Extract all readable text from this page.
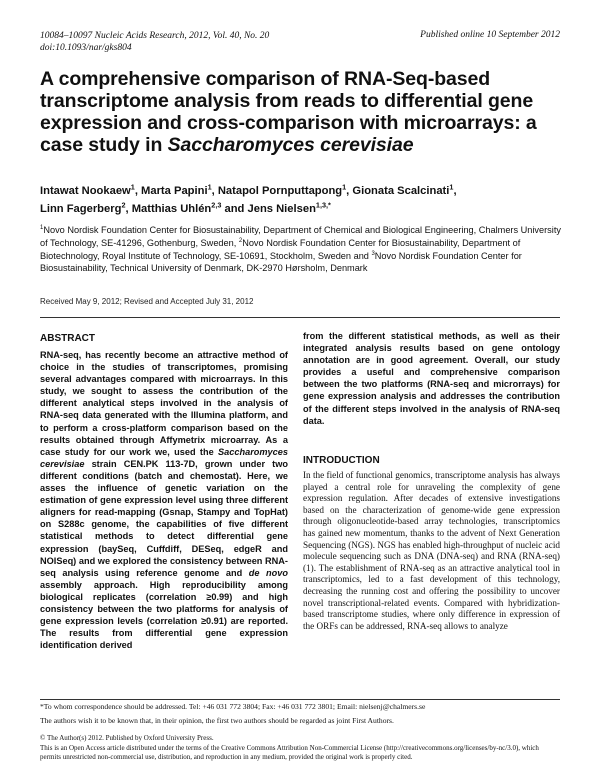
10084–10097 Nucleic Acids Research, 2012, Vol. 40, No. 20
doi:10.1093/nar/gks804
Published online 10 September 2012
A comprehensive comparison of RNA-Seq-based transcriptome analysis from reads to differential gene expression and cross-comparison with microarrays: a case study in Saccharomyces cerevisiae
Intawat Nookaew$^1$, Marta Papini$^1$, Natapol Pornputtapong$^1$, Gionata Scalcinati$^1$,
Linn Fagerberg$^2$, Matthias Uhlén$^{2,3}$ and Jens Nielsen$^{1,3,*}$
$^1$Novo Nordisk Foundation Center for Biosustainability, Department of Chemical and Biological Engineering, Chalmers University of Technology, SE-41296, Gothenburg, Sweden, $^2$Novo Nordisk Foundation Center for Biosustainability, Department of Biotechnology, Royal Institute of Technology, SE-10691, Stockholm, Sweden and $^3$Novo Nordisk Foundation Center for Biosustainability, Technical University of Denmark, DK-2970 Hørsholm, Denmark
Received May 9, 2012; Revised and Accepted July 31, 2012
ABSTRACT
RNA-seq, has recently become an attractive method of choice in the studies of transcriptomes, promising several advantages compared with microarrays. In this study, we sought to assess the contribution of the different analytical steps involved in the analysis of RNA-seq data generated with the Illumina platform, and to perform a cross-platform comparison based on the results obtained through Affymetrix microarray. As a case study for our work we, used the Saccharomyces cerevisiae strain CEN.PK 113-7D, grown under two different conditions (batch and chemostat). Here, we asses the influence of genetic variation on the estimation of gene expression level using three different aligners for read-mapping (Gsnap, Stampy and TopHat) on S288c genome, the capabilities of five different statistical methods to detect differential gene expression (baySeq, Cuffdiff, DESeq, edgeR and NOISeq) and we explored the consistency between RNA-seq analysis using reference genome and de novo assembly approach. High reproducibility among biological replicates (correlation ≥0.99) and high consistency between the two platforms for analysis of gene expression levels (correlation ≥0.91) are reported. The results from differential gene expression identification derived
from the different statistical methods, as well as their integrated analysis results based on gene ontology annotation are in good agreement. Overall, our study provides a useful and comprehensive comparison between the two platforms (RNA-seq and microrrays) for gene expression analysis and addresses the contribution of the different steps involved in the analysis of RNA-seq data.
INTRODUCTION
In the field of functional genomics, transcriptome analysis has always played a central role for unraveling the complexity of gene expression regulation. After decades of extensive investigations based on the characterization of genome-wide gene expression through oligonucleotide-based array technologies, transcriptomics has gained new momentum, thanks to the advent of Next Generation Sequencing (NGS). NGS has enabled high-throughput of nucleic acid molecule sequencing such as DNA (DNA-seq) and RNA (RNA-seq) (1). The establishment of RNA-seq as an attractive analytical tool in transcriptomics, led to a fast development of this technology, decreasing the running cost and offering the possibility to uncover novel transcriptional-related events. Compared with hybridization-based transcriptome studies, where only difference in expression of the ORFs can be addressed, RNA-seq allows to analyze
*To whom correspondence should be addressed. Tel: +46 031 772 3804; Fax: +46 031 772 3801; Email: nielsenj@chalmers.se
The authors wish it to be known that, in their opinion, the first two authors should be regarded as joint First Authors.
© The Author(s) 2012. Published by Oxford University Press.
This is an Open Access article distributed under the terms of the Creative Commons Attribution Non-Commercial License (http://creativecommons.org/licenses/by-nc/3.0), which permits unrestricted non-commercial use, distribution, and reproduction in any medium, provided the original work is properly cited.
